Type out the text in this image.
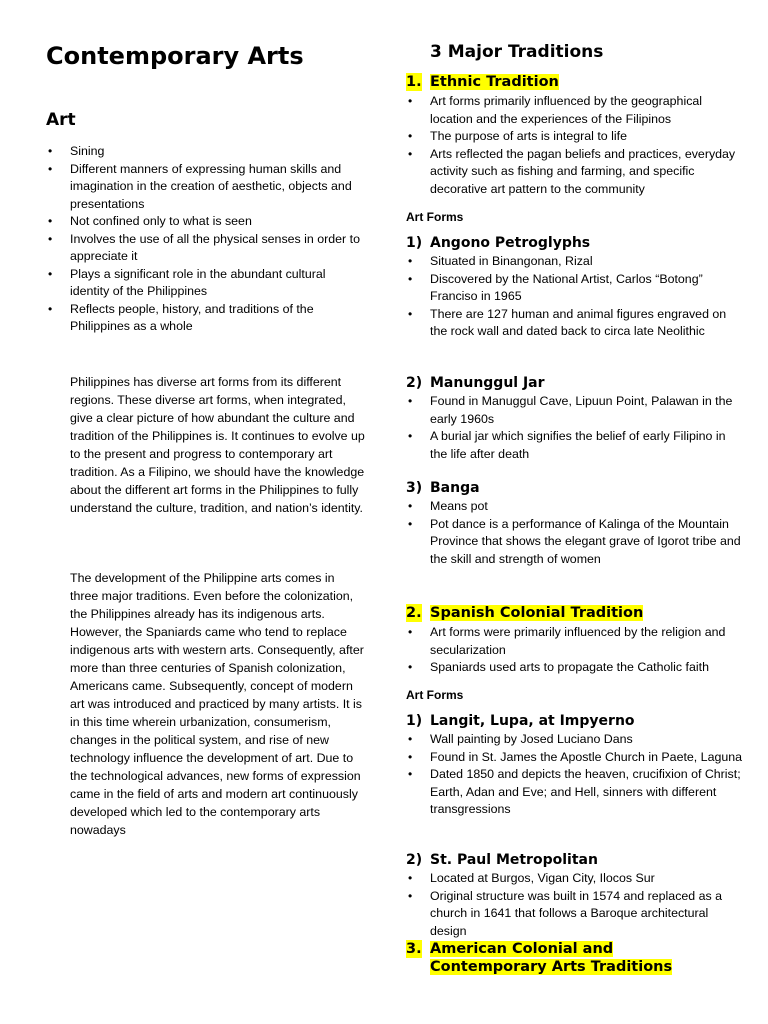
Contemporary Arts
Art
• Sining
• Different manners of expressing human skills and imagination in the creation of aesthetic, objects and presentations
• Not confined only to what is seen
• Involves the use of all the physical senses in order to appreciate it
• Plays a significant role in the abundant cultural identity of the Philippines
• Reflects people, history, and traditions of the Philippines as a whole

Philippines has diverse art forms from its different regions. These diverse art forms, when integrated, give a clear picture of how abundant the culture and tradition of the Philippines is. It continues to evolve up to the present and progress to contemporary art tradition. As a Filipino, we should have the knowledge about the different art forms in the Philippines to fully understand the culture, tradition, and nation’s identity.

The development of the Philippine arts comes in three major traditions. Even before the colonization, the Philippines already has its indigenous arts. However, the Spaniards came who tend to replace indigenous arts with western arts. Consequently, after more than three centuries of Spanish colonization, Americans came. Subsequently, concept of modern art was introduced and practiced by many artists. It is in this time wherein urbanization, consumerism, changes in the political system, and rise of new technology influence the development of art. Due to the technological advances, new forms of expression came in the field of arts and modern art continuously developed which led to the contemporary arts nowadays

3 Major Traditions
1. Ethnic Tradition
• Art forms primarily influenced by the geographical location and the experiences of the Filipinos
• The purpose of arts is integral to life
• Arts reflected the pagan beliefs and practices, everyday activity such as fishing and farming, and specific decorative art pattern to the community
Art Forms
1) Angono Petroglyphs
• Situated in Binangonan, Rizal
• Discovered by the National Artist, Carlos “Botong” Franciso in 1965
• There are 127 human and animal figures engraved on the rock wall and dated back to circa late Neolithic
2) Manunggul Jar
• Found in Manuggul Cave, Lipuun Point, Palawan in the early 1960s
• A burial jar which signifies the belief of early Filipino in the life after death
3) Banga
• Means pot
• Pot dance is a performance of Kalinga of the Mountain Province that shows the elegant grave of Igorot tribe and the skill and strength of women
2. Spanish Colonial Tradition
• Art forms were primarily influenced by the religion and secularization
• Spaniards used arts to propagate the Catholic faith
Art Forms
1) Langit, Lupa, at Impyerno
• Wall painting by Josed Luciano Dans
• Found in St. James the Apostle Church in Paete, Laguna
• Dated 1850 and depicts the heaven, crucifixion of Christ; Earth, Adan and Eve; and Hell, sinners with different transgressions
2) St. Paul Metropolitan
• Located at Burgos, Vigan City, Ilocos Sur
• Original structure was built in 1574 and replaced as a church in 1641 that follows a Baroque architectural design
3. American Colonial and
Contemporary Arts Traditions
